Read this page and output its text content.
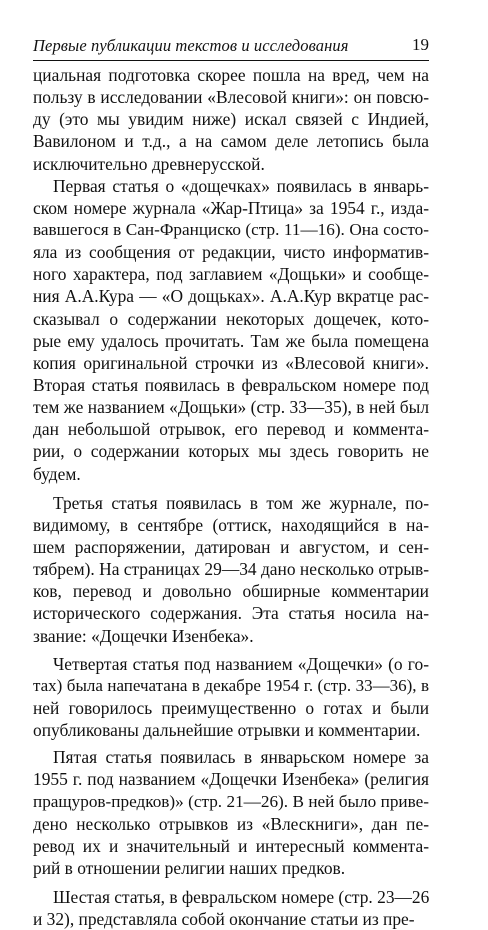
Первые публикации текстов и исследования	19
циальная подготовка скорее пошла на вред, чем на
пользу в исследовании «Влесовой книги»: он повсю-
ду (это мы увидим ниже) искал связей с Индией,
Вавилоном и т.д., а на самом деле летопись была
исключительно древнерусской.
Первая статья о «дощечках» появилась в январь-
ском номере журнала «Жар-Птица» за 1954 г., изда-
вавшегося в Сан-Франциско (стр. 11—16). Она состо-
яла из сообщения от редакции, чисто информатив-
ного характера, под заглавием «Дощьки» и сообще-
ния А.А.Кура — «О дощьках». А.А.Кур вкратце рас-
сказывал о содержании некоторых дощечек, кото-
рые ему удалось прочитать. Там же была помещена
копия оригинальной строчки из «Влесовой книги».
Вторая статья появилась в февральском номере под
тем же названием «Дощьки» (стр. 33—35), в ней был
дан небольшой отрывок, его перевод и коммента-
рии, о содержании которых мы здесь говорить не
будем.
Третья статья появилась в том же журнале, по-
видимому, в сентябре (оттиск, находящийся в на-
шем распоряжении, датирован и августом, и сен-
тябрем). На страницах 29—34 дано несколько отрыв-
ков, перевод и довольно обширные комментарии
исторического содержания. Эта статья носила на-
звание: «Дощечки Изенбека».
Четвертая статья под названием «Дощечки» (о го-
тах) была напечатана в декабре 1954 г. (стр. 33—36), в
ней говорилось преимущественно о готах и были
опубликованы дальнейшие отрывки и комментарии.
Пятая статья появилась в январьском номере за
1955 г. под названием «Дощечки Изенбека» (религия
пращуров-предков)» (стр. 21—26). В ней было приве-
дено несколько отрывков из «Влескниги», дан пе-
ревод их и значительный и интересный коммента-
рий в отношении религии наших предков.
Шестая статья, в февральском номере (стр. 23—26
и 32), представляла собой окончание статьи из пре-
